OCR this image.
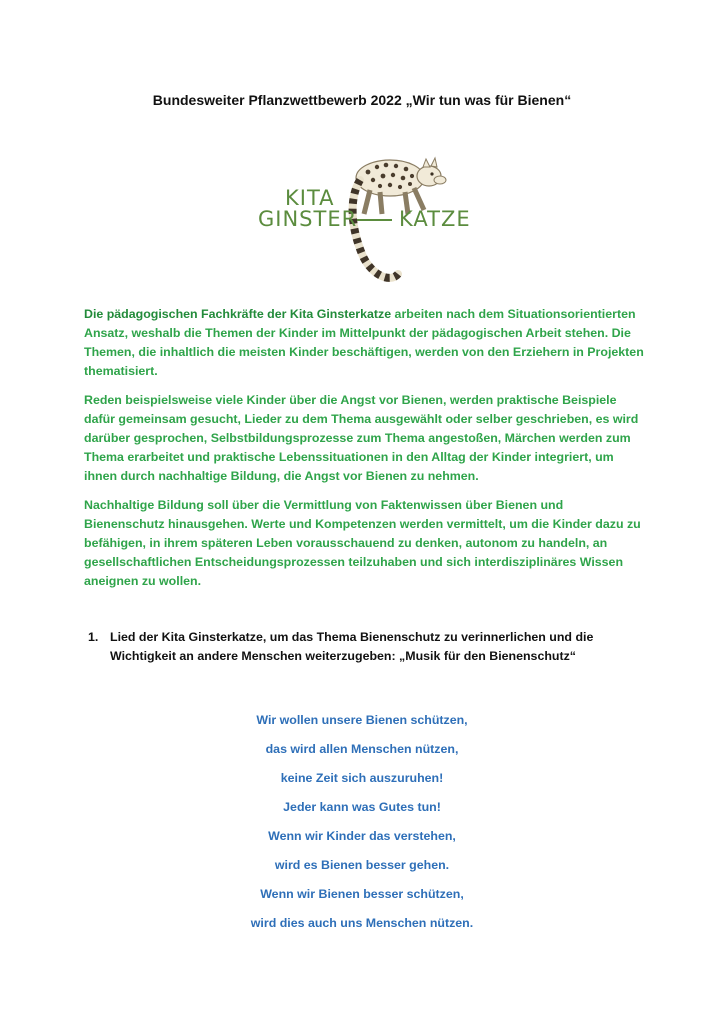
Bundesweiter Pflanzwettbewerb 2022 „Wir tun was für Bienen“
KITA
GINSTER KATZE
Die pädagogischen Fachkräfte der Kita Ginsterkatze arbeiten nach dem Situationsorientierten Ansatz, weshalb die Themen der Kinder im Mittelpunkt der pädagogischen Arbeit stehen. Die Themen, die inhaltlich die meisten Kinder beschäftigen, werden von den Erziehern in Projekten thematisiert.
Reden beispielsweise viele Kinder über die Angst vor Bienen, werden praktische Beispiele dafür gemeinsam gesucht, Lieder zu dem Thema ausgewählt oder selber geschrieben, es wird darüber gesprochen, Selbstbildungsprozesse zum Thema angestoßen, Märchen werden zum Thema erarbeitet und praktische Lebenssituationen in den Alltag der Kinder integriert, um ihnen durch nachhaltige Bildung, die Angst vor Bienen zu nehmen.
Nachhaltige Bildung soll über die Vermittlung von Faktenwissen über Bienen und Bienenschutz hinausgehen. Werte und Kompetenzen werden vermittelt, um die Kinder dazu zu befähigen, in ihrem späteren Leben vorausschauend zu denken, autonom zu handeln, an gesellschaftlichen Entscheidungsprozessen teilzuhaben und sich interdisziplinäres Wissen aneignen zu wollen.
1. Lied der Kita Ginsterkatze, um das Thema Bienenschutz zu verinnerlichen und die Wichtigkeit an andere Menschen weiterzugeben: „Musik für den Bienenschutz“
Wir wollen unsere Bienen schützen,
das wird allen Menschen nützen,
keine Zeit sich auszuruhen!
Jeder kann was Gutes tun!
Wenn wir Kinder das verstehen,
wird es Bienen besser gehen.
Wenn wir Bienen besser schützen,
wird dies auch uns Menschen nützen.
